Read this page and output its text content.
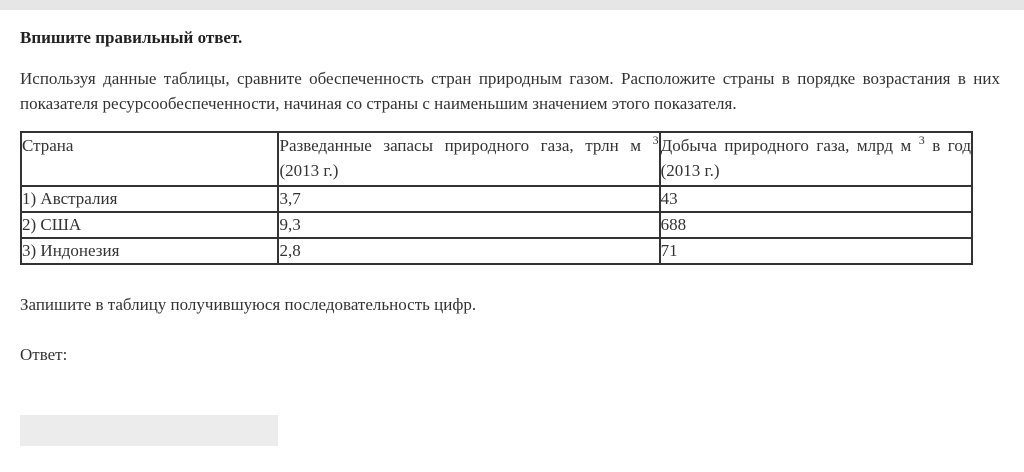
Впишите правильный ответ.

Используя данные таблицы, сравните обеспеченность стран природным газом. Расположите страны в порядке возрастания в них показателя ресурсообеспеченности, начиная со страны с наименьшим значением этого показателя.

Страна	Разведанные запасы природного газа, трлн м $^3$ (2013 г.)	Добыча природного газа, млрд м $^3$ в год (2013 г.)

1) Австралия	3,7	43
2) США	9,3	688
3) Индонезия	2,8	71
Запишите в таблицу получившуюся последовательность цифр.
Ответ:
